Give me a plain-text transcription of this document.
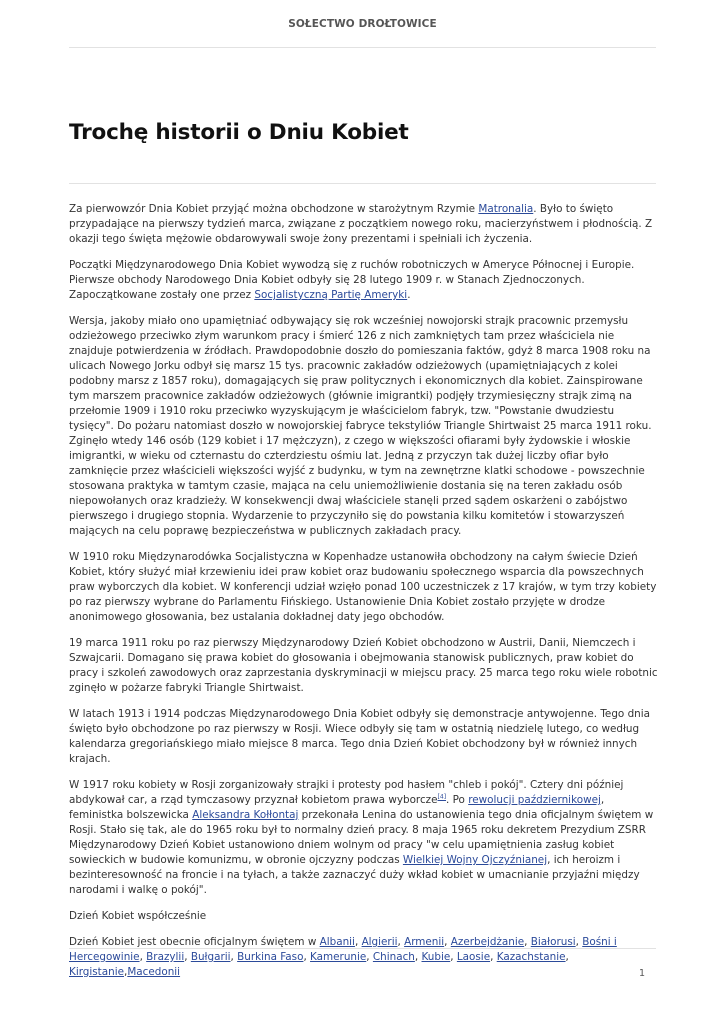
SOŁECTWO DROŁTOWICE
Trochę historii o Dniu Kobiet

Za pierwowzór Dnia Kobiet przyjąć można obchodzone w starożytnym Rzymie Matronalia. Było to święto przypadające na pierwszy tydzień marca, związane z początkiem nowego roku, macierzyństwem i płodnością. Z okazji tego święta mężowie obdarowywali swoje żony prezentami i spełniali ich życzenia.

Początki Międzynarodowego Dnia Kobiet wywodzą się z ruchów robotniczych w Ameryce Północnej i Europie. Pierwsze obchody Narodowego Dnia Kobiet odbyły się 28 lutego 1909 r. w Stanach Zjednoczonych. Zapoczątkowane zostały one przez Socjalistyczną Partię Ameryki.

Wersja, jakoby miało ono upamiętniać odbywający się rok wcześniej nowojorski strajk pracownic przemysłu odzieżowego przeciwko złym warunkom pracy i śmierć 126 z nich zamkniętych tam przez właściciela nie znajduje potwierdzenia w źródłach. Prawdopodobnie doszło do pomieszania faktów, gdyż 8 marca 1908 roku na ulicach Nowego Jorku odbył się marsz 15 tys. pracownic zakładów odzieżowych (upamiętniających z kolei podobny marsz z 1857 roku), domagających się praw politycznych i ekonomicznych dla kobiet. Zainspirowane tym marszem pracownice zakładów odzieżowych (głównie imigrantki) podjęły trzymiesięczny strajk zimą na przełomie 1909 i 1910 roku przeciwko wyzyskującym je właścicielom fabryk, tzw. "Powstanie dwudziestu tysięcy". Do pożaru natomiast doszło w nowojorskiej fabryce tekstyliów Triangle Shirtwaist 25 marca 1911 roku. Zginęło wtedy 146 osób (129 kobiet i 17 mężczyzn), z czego w większości ofiarami były żydowskie i włoskie imigrantki, w wieku od czternastu do czterdziestu ośmiu lat. Jedną z przyczyn tak dużej liczby ofiar było zamknięcie przez właścicieli większości wyjść z budynku, w tym na zewnętrzne klatki schodowe - powszechnie stosowana praktyka w tamtym czasie, mająca na celu uniemożliwienie dostania się na teren zakładu osób niepowołanych oraz kradzieży. W konsekwencji dwaj właściciele stanęli przed sądem oskarżeni o zabójstwo pierwszego i drugiego stopnia. Wydarzenie to przyczyniło się do powstania kilku komitetów i stowarzyszeń mających na celu poprawę bezpieczeństwa w publicznych zakładach pracy.

W 1910 roku Międzynarodówka Socjalistyczna w Kopenhadze ustanowiła obchodzony na całym świecie Dzień Kobiet, który służyć miał krzewieniu idei praw kobiet oraz budowaniu społecznego wsparcia dla powszechnych praw wyborczych dla kobiet. W konferencji udział wzięło ponad 100 uczestniczek z 17 krajów, w tym trzy kobiety po raz pierwszy wybrane do Parlamentu Fińskiego. Ustanowienie Dnia Kobiet zostało przyjęte w drodze anonimowego głosowania, bez ustalania dokładnej daty jego obchodów.

19 marca 1911 roku po raz pierwszy Międzynarodowy Dzień Kobiet obchodzono w Austrii, Danii, Niemczech i Szwajcarii. Domagano się prawa kobiet do głosowania i obejmowania stanowisk publicznych, praw kobiet do pracy i szkoleń zawodowych oraz zaprzestania dyskryminacji w miejscu pracy. 25 marca tego roku wiele robotnic zginęło w pożarze fabryki Triangle Shirtwaist.

W latach 1913 i 1914 podczas Międzynarodowego Dnia Kobiet odbyły się demonstracje antywojenne. Tego dnia święto było obchodzone po raz pierwszy w Rosji. Wiece odbyły się tam w ostatnią niedzielę lutego, co według kalendarza gregoriańskiego miało miejsce 8 marca. Tego dnia Dzień Kobiet obchodzony był w również innych krajach.

W 1917 roku kobiety w Rosji zorganizowały strajki i protesty pod hasłem "chleb i pokój". Cztery dni później abdykował car, a rząd tymczasowy przyznał kobietom prawa wyborcze[4]. Po rewolucji październikowej, feministka bolszewicka Aleksandra Kołłontaj przekonała Lenina do ustanowienia tego dnia oficjalnym świętem w Rosji. Stało się tak, ale do 1965 roku był to normalny dzień pracy. 8 maja 1965 roku dekretem Prezydium ZSRR Międzynarodowy Dzień Kobiet ustanowiono dniem wolnym od pracy "w celu upamiętnienia zasług kobiet sowieckich w budowie komunizmu, w obronie ojczyzny podczas Wielkiej Wojny Ojczyźnianej, ich heroizm i bezinteresowność na froncie i na tyłach, a także zaznaczyć duży wkład kobiet w umacnianie przyjaźni między narodami i walkę o pokój".

Dzień Kobiet współcześnie

Dzień Kobiet jest obecnie oficjalnym świętem w Albanii, Algierii, Armenii, Azerbejdżanie, Białorusi, Bośni i Hercegowinie, Brazylii, Bułgarii, Burkina Faso, Kamerunie, Chinach, Kubie, Laosie, Kazachstanie, Kirgistanie,Macedonii	1
